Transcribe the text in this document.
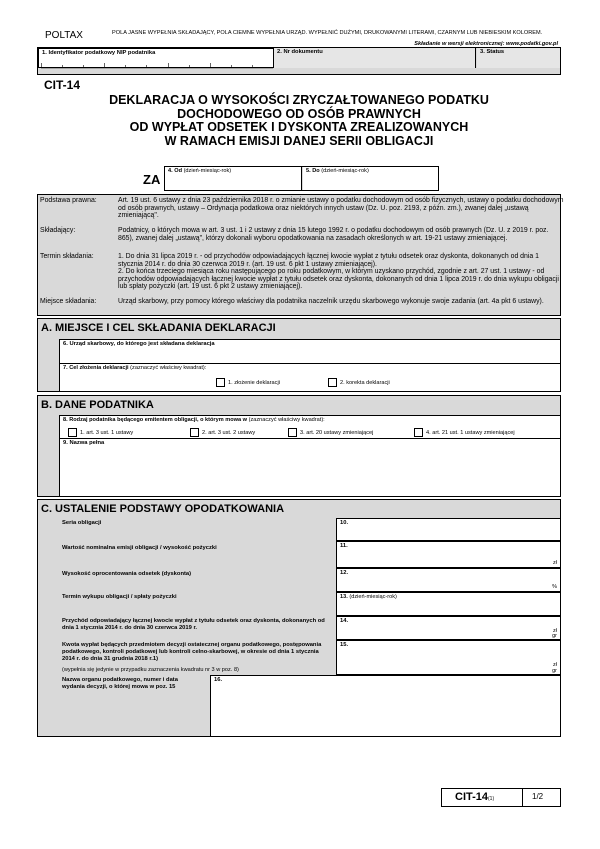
POLTAX	POLA JASNE WYPEŁNIA SKŁADAJĄCY, POLA CIEMNE WYPEŁNIA URZĄD. WYPEŁNIĆ DUŻYMI, DRUKOWANYMI LITERAMI, CZARNYM LUB NIEBIESKIM KOLOREM.
Składanie w wersji elektronicznej: www.podatki.gov.pl
1. Identyfikator podatkowy NIP podatnika	2. Nr dokumentu	3. Status
CIT-14
DEKLARACJA O WYSOKOŚCI ZRYCZAŁTOWANEGO PODATKU
DOCHODOWEGO OD OSÓB PRAWNYCH
OD WYPŁAT ODSETEK I DYSKONTA ZREALIZOWANYCH
W RAMACH EMISJI DANEJ SERII OBLIGACJI
ZA
4. Od (dzień-miesiąc-rok)	5. Do (dzień-miesiąc-rok)
Podstawa prawna:	Art. 19 ust. 6 ustawy z dnia 23 października 2018 r. o zmianie ustawy o podatku dochodowym od osób fizycznych, ustawy o podatku dochodowym od osób prawnych, ustawy – Ordynacja podatkowa oraz niektórych innych ustaw (Dz. U. poz. 2193, z późn. zm.), zwanej dalej „ustawą zmieniającą".
Składający:	Podatnicy, o których mowa w art. 3 ust. 1 i 2 ustawy z dnia 15 lutego 1992 r. o podatku dochodowym od osób prawnych (Dz. U. z 2019 r. poz. 865), zwanej dalej „ustawą", którzy dokonali wyboru opodatkowania na zasadach określonych w art. 19-21 ustawy zmieniającej.
Termin składania:	1. Do dnia 31 lipca 2019 r. - od przychodów odpowiadających łącznej kwocie wypłat z tytułu odsetek oraz dyskonta, dokonanych od dnia 1 stycznia 2014 r. do dnia 30 czerwca 2019 r. (art. 19 ust. 6 pkt 1 ustawy zmieniającej).
2. Do końca trzeciego miesiąca roku następującego po roku podatkowym, w którym uzyskano przychód, zgodnie z art. 27 ust. 1 ustawy - od przychodów odpowiadających łącznej kwocie wypłat z tytułu odsetek oraz dyskonta, dokonanych od dnia 1 lipca 2019 r. do dnia wykupu obligacji lub spłaty pożyczki (art. 19 ust. 6 pkt 2 ustawy zmieniającej).
Miejsce składania:	Urząd skarbowy, przy pomocy którego właściwy dla podatnika naczelnik urzędu skarbowego wykonuje swoje zadania (art. 4a pkt 6 ustawy).
A. MIEJSCE I CEL SKŁADANIA DEKLARACJI
6. Urząd skarbowy, do którego jest składana deklaracja
7. Cel złożenia deklaracji (zaznaczyć właściwy kwadrat):
1. złożenie deklaracji	2. korekta deklaracji
B. DANE PODATNIKA
8. Rodzaj podatnika będącego emitentem obligacji, o którym mowa w (zaznaczyć właściwy kwadrat):
1. art. 3 ust. 1 ustawy	2. art. 3 ust. 2 ustawy	3. art. 20 ustawy zmieniającej	4. art. 21 ust. 1 ustawy zmieniającej
9. Nazwa pełna
C. USTALENIE PODSTAWY OPODATKOWANIA
Seria obligacji	10.
Wartość nominalna emisji obligacji / wysokość pożyczki	11.
zł
Wysokość oprocentowania odsetek (dyskonta)	12.
%
Termin wykupu obligacji / spłaty pożyczki	13. (dzień-miesiąc-rok)
Przychód odpowiadający łącznej kwocie wypłat z tytułu odsetek oraz dyskonta, dokonanych od dnia 1 stycznia 2014 r. do dnia 30 czerwca 2019 r.
14.
zł
gr
Kwota wypłat będących przedmiotem decyzji ostatecznej organu podatkowego, postępowania podatkowego, kontroli podatkowej lub kontroli celno-skarbowej, w okresie od dnia 1 stycznia 2014 r. do dnia 31 grudnia 2018 r.1)
(wypełnia się jedynie w przypadku zaznaczenia kwadratu nr 3 w poz. 8)
15.
zł
gr
Nazwa organu podatkowego, numer i data wydania decyzji, o której mowa w poz. 15
16.
CIT-14(1)	1/2
